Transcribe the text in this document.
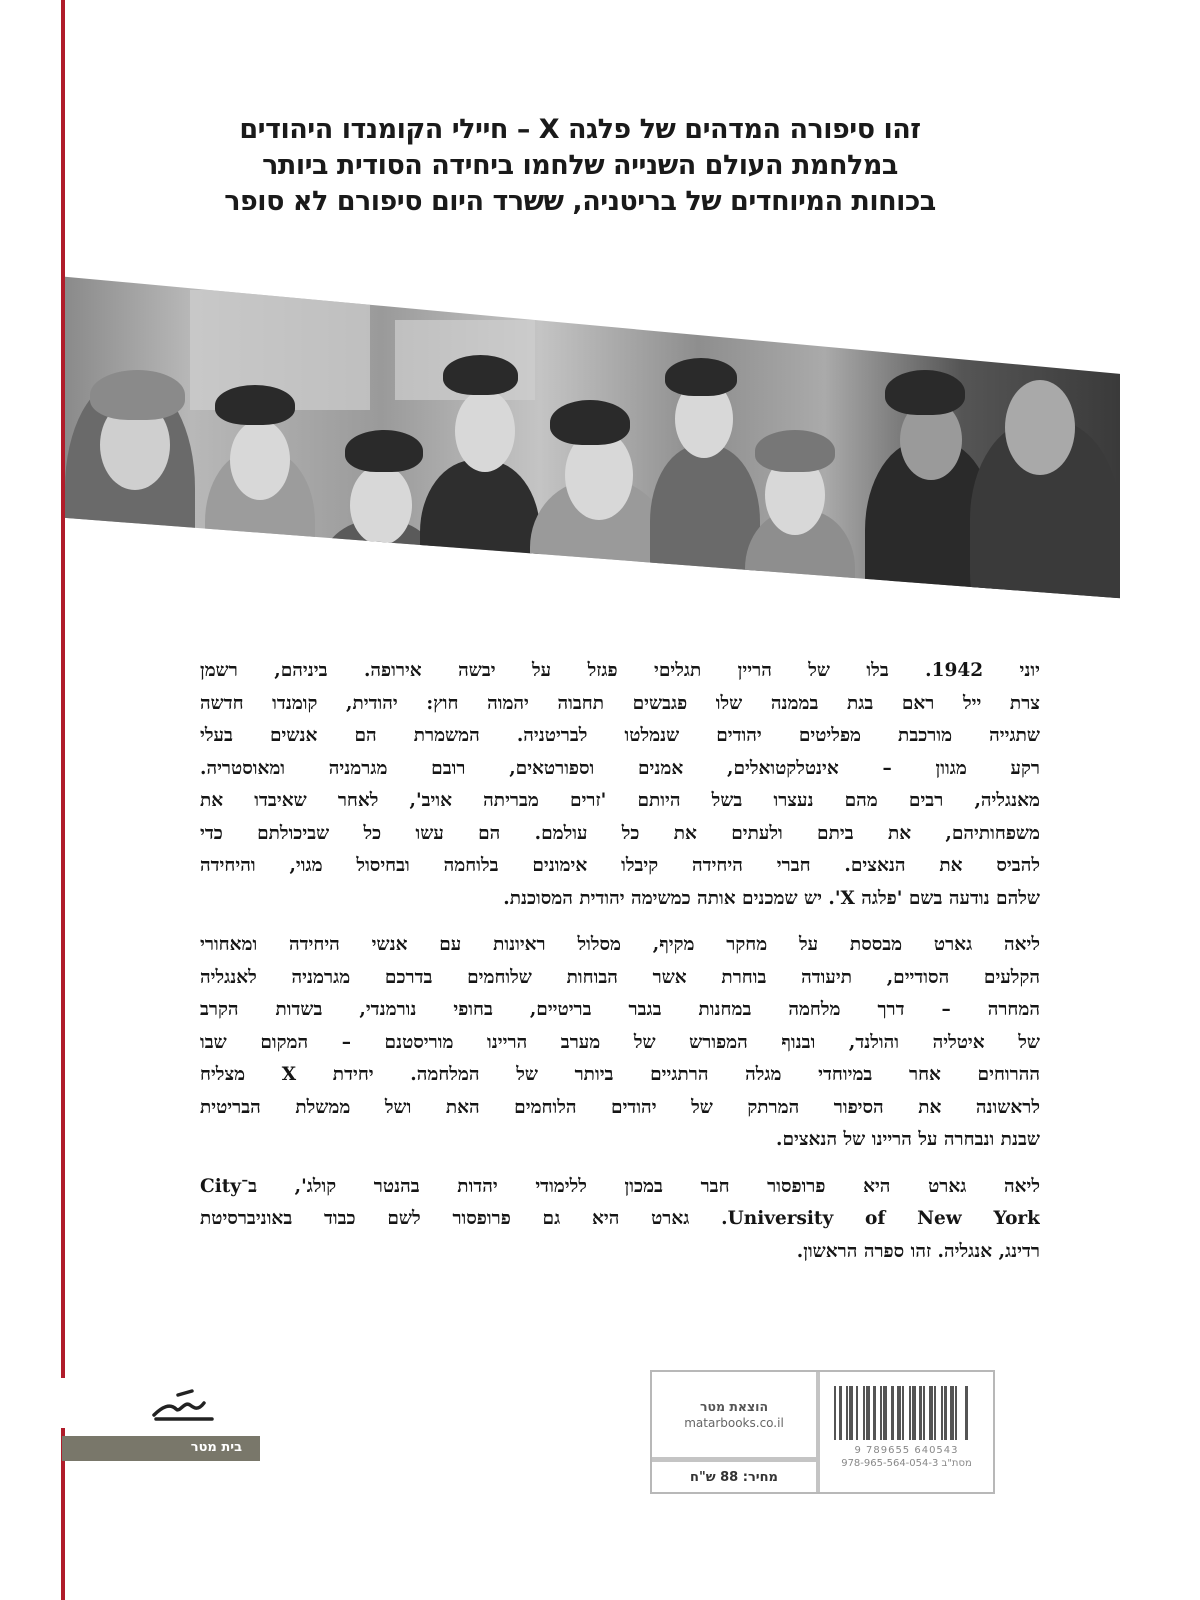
זהו סיפורה המדהים של פלגה X – חיילי הקומנדו היהודים
במלחמת העולם השנייה שלחמו ביחידה הסודית ביותר
בכוחות המיוחדים של בריטניה, ששרד היום סיפורם לא סופר

יוני 1942. בלו של הריין תגליםי פגזל על יבשה אירופה. ביניהם, רשמן
צרת ייל ראם בגת בממנה שלו פגבשים תחבוה יהמוה חוץ: יהודית, קומנדו חדשה
שתגייה מורכבת מפליטים יהודים שנמלטו לבריטניה. המשמרת הם אנשים בעלי
רקע מגוון – אינטלקטואלים, אמנים וספורטאים, רובם מגרמניה ומאוסטריה.
מאנגליה, רבים מהם נעצרו בשל היותם 'זרים מבריתה אויב', לאחר שאיבדו את
משפחותיהם, את ביתם ולעתים את כל עולמם. הם עשו כל שביכולתם כדי
להביס את הנאצים. חברי היחידה קיבלו אימונים בלוחמה ובחיסול מגוי, והיחידה
שלהם נודעה בשם 'פלגה X'. יש שמכנים אותה כמשימה יהודית המסוכנת.

ליאה גארט מבססת על מחקר מקיף, מסלול ראיונות עם אנשי היחידה ומאחורי
הקלעים הסודיים, תיעודה בוחרת אשר הבוחות שלוחמים בדרכם מגרמניה לאנגליה
המחרה – דרך מלחמה במחנות בגבר בריטיים, בחופי נורמנדי, בשדות הקרב
של איטליה והולנד, ובנוף המפורש של מערב הריינו מוריסטנם – המקום שבו
ההרוחים אחר במיוחדי מגלה הרתגיים ביותר של המלחמה. יחידת X מצליח
לראשונה את הסיפור המרתק של יהודים הלוחמים האת ושל ממשלת הבריטית
שבנת ונבחרה על הריינו של הנאצים.

ליאה גארט היא פרופסור חבר במכון ללימודי יהדות בהנטר קולג', ב־City
University of New York. גארט היא גם פרופסור לשם כבוד באוניברסיטת
רדינג, אנגליה. זהו ספרה הראשון.

בית מטר
הוצאת מטר
matarbooks.co.il
מחיר: 88 ש"ח
9 789655 640543
מסת"ב 978-965-564-054-3
